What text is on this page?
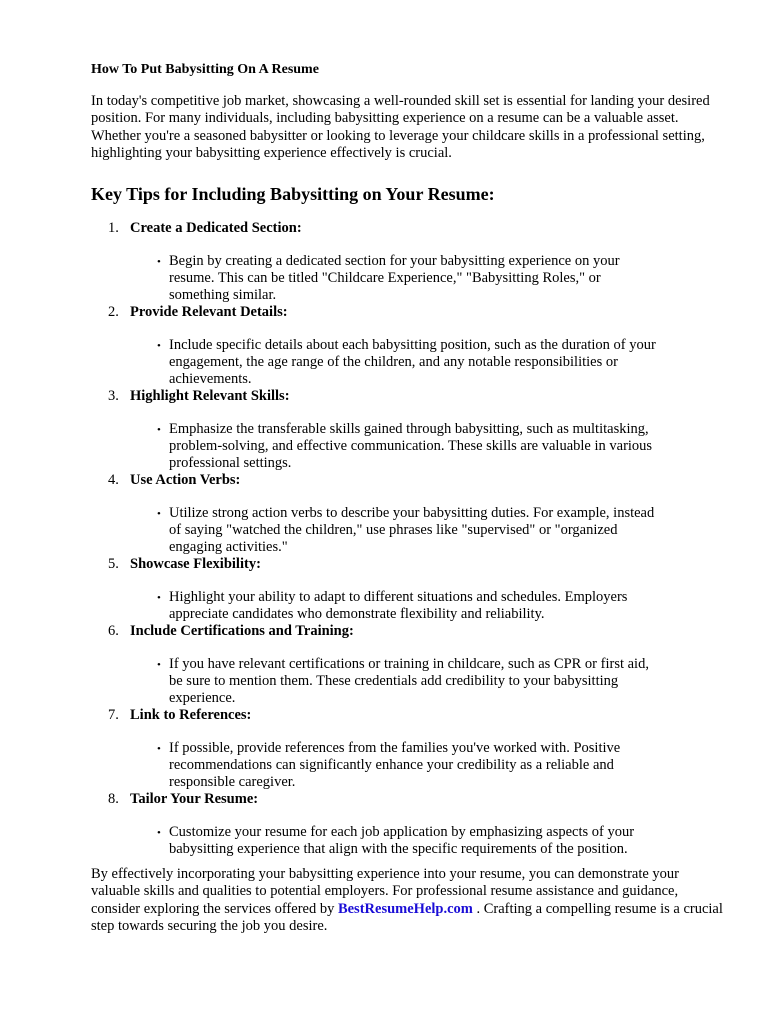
How To Put Babysitting On A Resume

In today's competitive job market, showcasing a well-rounded skill set is essential for landing your desired position. For many individuals, including babysitting experience on a resume can be a valuable asset. Whether you're a seasoned babysitter or looking to leverage your childcare skills in a professional setting, highlighting your babysitting experience effectively is crucial.

Key Tips for Including Babysitting on Your Resume:
1. Create a Dedicated Section:
• Begin by creating a dedicated section for your babysitting experience on your resume. This can be titled "Childcare Experience," "Babysitting Roles," or something similar.
2. Provide Relevant Details:
• Include specific details about each babysitting position, such as the duration of your engagement, the age range of the children, and any notable responsibilities or achievements.
3. Highlight Relevant Skills:
• Emphasize the transferable skills gained through babysitting, such as multitasking, problem-solving, and effective communication. These skills are valuable in various professional settings.
4. Use Action Verbs:
• Utilize strong action verbs to describe your babysitting duties. For example, instead of saying "watched the children," use phrases like "supervised" or "organized engaging activities."
5. Showcase Flexibility:
• Highlight your ability to adapt to different situations and schedules. Employers appreciate candidates who demonstrate flexibility and reliability.
6. Include Certifications and Training:
• If you have relevant certifications or training in childcare, such as CPR or first aid, be sure to mention them. These credentials add credibility to your babysitting experience.
7. Link to References:
• If possible, provide references from the families you've worked with. Positive recommendations can significantly enhance your credibility as a reliable and responsible caregiver.
8. Tailor Your Resume:
• Customize your resume for each job application by emphasizing aspects of your babysitting experience that align with the specific requirements of the position.

By effectively incorporating your babysitting experience into your resume, you can demonstrate your valuable skills and qualities to potential employers. For professional resume assistance and guidance, consider exploring the services offered by BestResumeHelp.com . Crafting a compelling resume is a crucial step towards securing the job you desire.
